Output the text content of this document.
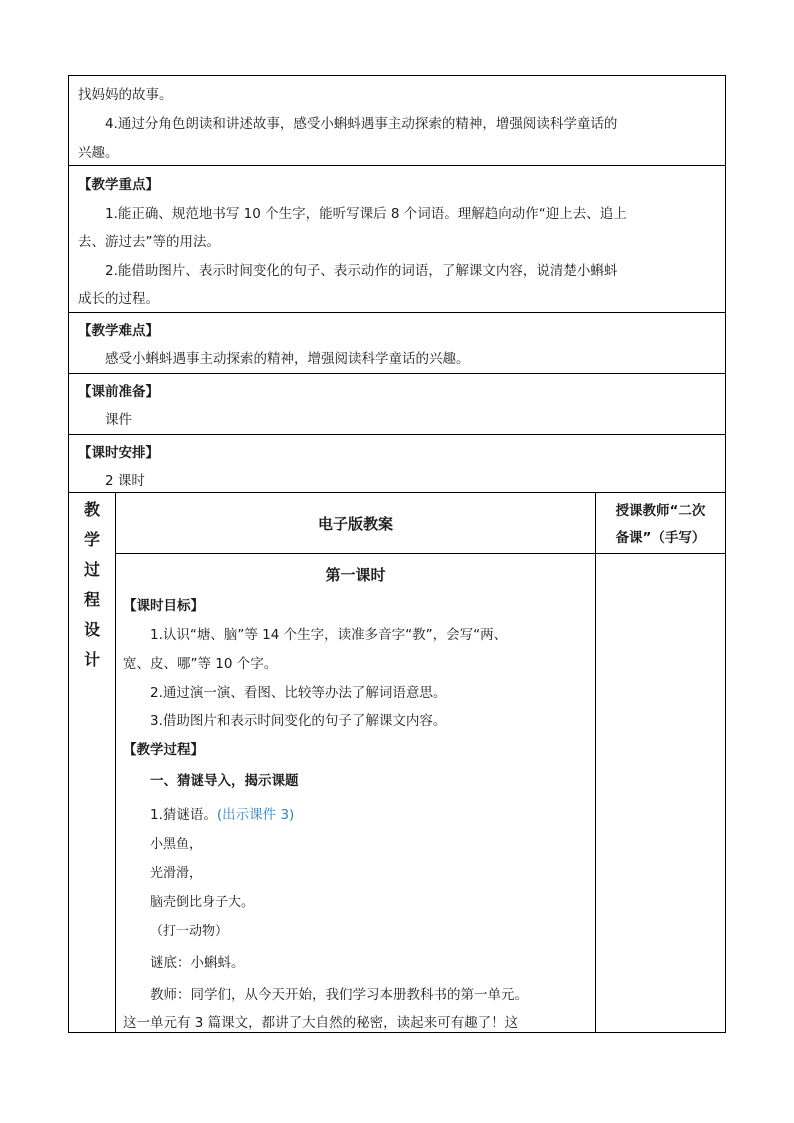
找妈妈的故事。
4.通过分角色朗读和讲述故事，感受小蝌蚪遇事主动探索的精神，增强阅读科学童话的
兴趣。
【教学重点】
1.能正确、规范地书写 10 个生字，能听写课后 8 个词语。理解趋向动作“迎上去、追上
去、游过去”等的用法。
2.能借助图片、表示时间变化的句子、表示动作的词语，了解课文内容，说清楚小蝌蚪
成长的过程。
【教学难点】
感受小蝌蚪遇事主动探索的精神，增强阅读科学童话的兴趣。
【课前准备】
课件
【课时安排】
2 课时
教
学
过
程
设
计
电子版教案
授课教师“二次
备课”（手写）
第一课时
【课时目标】
1.认识“塘、脑”等 14 个生字，读准多音字“教”，会写“两、
宽、皮、哪”等 10 个字。
2.通过演一演、看图、比较等办法了解词语意思。
3.借助图片和表示时间变化的句子了解课文内容。
【教学过程】
一、猜谜导入，揭示课题
1.猜谜语。(出示课件 3)
小黑鱼，
光滑滑，
脑壳倒比身子大。
（打一动物）
谜底：小蝌蚪。
教师：同学们，从今天开始，我们学习本册教科书的第一单元。
这一单元有 3 篇课文，都讲了大自然的秘密，读起来可有趣了！这
